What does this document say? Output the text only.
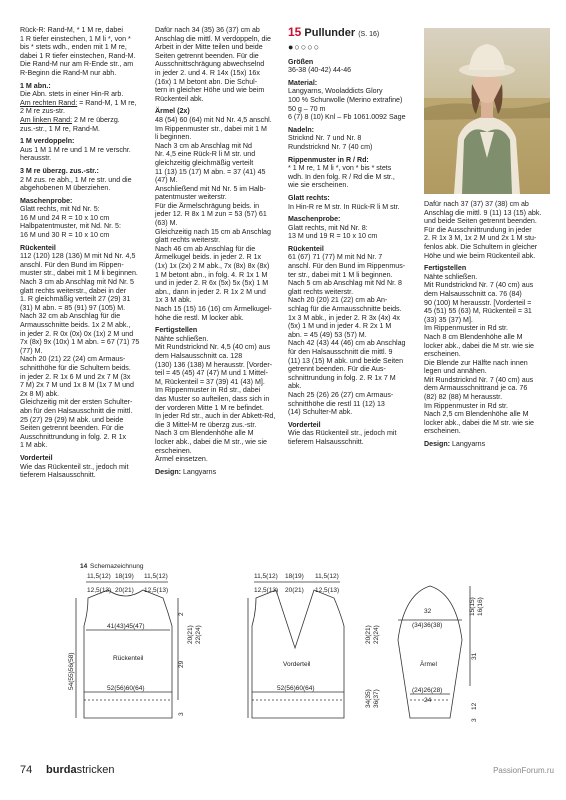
Rück-R: Rand-M, * 1 M re, dabei
1 R tiefer einstechen, 1 M li *, von *
bis * stets wdh., enden mit 1 M re,
dabei 1 R tiefer einstechen, Rand-M.
Die Rand-M nur am R-Ende str., am
R-Beginn die Rand-M nur abh.

1 M abn.:
Die Abn. stets in einer Hin-R arb.
Am rechten Rand: = Rand-M, 1 M re,
2 M re zus-str.
Am linken Rand: 2 M re überzg.
zus.-str., 1 M re, Rand-M.

1 M verdoppeln:
Aus 1 M 1 M re und 1 M re verschr.
herausstr.

3 M re überzg. zus.-str.:
2 M zus. re abh., 1 M re str. und die
abgehobenen M überziehen.

Maschenprobe:
Glatt rechts, mit Nd Nr. 5:
16 M und 24 R = 10 x 10 cm
Halbpatentmuster, mit Nd. Nr. 5:
16 M und 30 R = 10 x 10 cm

Rückenteil
112 (120) 128 (136) M mit Nd Nr. 4,5
anschl. Für den Bund im Rippen-
muster str., dabei mit 1 M li beginnen.
Nach 3 cm ab Anschlag mit Nd Nr. 5
glatt rechts weiterstr., dabei in der
1. R gleichmäßig verteilt 27 (29) 31
(31) M abn. = 85 (91) 97 (105) M.
Nach 32 cm ab Anschlag für die
Armausschnitte beids. 1x 2 M abk.,
in jeder 2. R 0x (0x) 0x (1x) 2 M und
7x (8x) 9x (10x) 1 M abn. = 67 (71) 75
(77) M.
Nach 20 (21) 22 (24) cm Armaus-
schnitthöhe für die Schultern beids.
in jeder 2. R 1x 6 M und 2x 7 M (3x
7 M) 2x 7 M und 1x 8 M (1x 7 M und
2x 8 M) abk.
Gleichzeitig mit der ersten Schulter-
abn für den Halsausschnitt die mittl.
25 (27) 29 (29) M abk. und beide
Seiten getrennt beenden. Für die
Ausschnittrundung in folg. 2. R 1x
1 M abk.

Vorderteil
Wie das Rückenteil str., jedoch mit
tieferem Halsausschnitt.

Dafür nach 34 (35) 36 (37) cm ab
Anschlag die mittl. M verdoppeln, die
Arbeit in der Mitte teilen und beide
Seiten getrennt beenden. Für die
Ausschnittschrägung abwechselnd
in jeder 2. und 4. R 14x (15x) 16x
(16x) 1 M betont abn. Die Schul-
tern in gleicher Höhe und wie beim
Rückenteil abk.

Ärmel (2x)
48 (54) 60 (64) mit Nd Nr. 4,5 anschl.
Im Rippenmuster str., dabei mit 1 M
li beginnen.
Nach 3 cm ab Anschlag mit Nd
Nr. 4,5 eine Rück-R li M str. und
gleichzeitig gleichmäßig verteilt
11 (13) 15 (17) M abn. = 37 (41) 45
(47) M.
Anschließend mit Nd Nr. 5 im Halb-
patentmuster weiterstr.
Für die Ärmelschrägung beids. in
jeder 12. R 8x 1 M zun = 53 (57) 61
(63) M.
Gleichzeitig nach 15 cm ab Anschlag
glatt rechts weiterstr.
Nach 46 cm ab Anschlag für die
Ärmelkugel beids. in jeder 2. R 1x
(1x) 1x (2x) 2 M abk., 7x (8x) 8x (8x)
1 M betont abn., in folg. 4. R 1x 1 M
und in jeder 2. R 6x (5x) 5x (5x) 1 M
abn., dann in jeder 2. R 1x 2 M und
1x 3 M abk.
Nach 15 (15) 16 (16) cm Ärmelkugel-
höhe die restl. M locker abk.

Fertigstellen
Nähte schließen.
Mit Rundstricknd Nr. 4,5 (40 cm) aus
dem Halsausschnitt ca. 128
(130) 136 (138) M herausstr. [Vorder-
teil = 45 (45) 47 (47) M und 1 Mittel-
M, Rückenteil = 37 (39) 41 (43) M].
Im Rippenmuster in Rd str., dabei
das Muster so aufteilen, dass sich in
der vorderen Mitte 1 M re befindet.
In jeder Rd str., auch in der Abkett-Rd,
die 3 Mittel-M re überzg zus.-str.
Nach 3 cm Blendenhöhe alle M
locker abk., dabei die M str., wie sie
erscheinen.
Ärmel einsetzen.

Design: Langyarns

15 Pullunder (S. 16)
●○○○○

Größen
36-38 (40-42) 44-46

Material:
Langyarns, Wooladdicts Glory
100 % Schurwolle (Merino extrafine)
50 g – 70 m
6 (7) 8 (10) Knl – Fb 1061.0092 Sage

Nadeln:
Stricknd Nr. 7 und Nr. 8
Rundstricknd Nr. 7 (40 cm)

Rippenmuster in R / Rd:
* 1 M re, 1 M li *, von * bis * stets
wdh. In den folg. R / Rd die M str.,
wie sie erscheinen.

Glatt rechts:
In Hin-R re M str. In Rück-R li M str.

Maschenprobe:
Glatt rechts, mit Nd Nr. 8:
13 M und 19 R = 10 x 10 cm

Rückenteil
61 (67) 71 (77) M mit Nd Nr. 7
anschl. Für den Bund im Rippenmus-
ter str., dabei mit 1 M li beginnen.
Nach 5 cm ab Anschlag mit Nd Nr. 8
glatt rechts weiterstr.
Nach 20 (20) 21 (22) cm ab An-
schlag für die Armausschnitte beids.
1x 3 M abk., in jeder 2. R 3x (4x) 4x
(5x) 1 M und in jeder 4. R 2x 1 M
abn. = 45 (49) 53 (57) M.
Nach 42 (43) 44 (46) cm ab Anschlag
für den Halsausschnitt die mittl. 9
(11) 13 (15) M abk. und beide Seiten
getrennt beenden. Für die Aus-
schnittrundung in folg. 2. R 1x 7 M
abk.
Nach 25 (26) 26 (27) cm Armaus-
schnitthöhe die restl 11 (12) 13
(14) Schulter-M abk.

Vorderteil
Wie das Rückenteil str., jedoch mit
tieferem Halsausschnitt.

Dafür nach 37 (37) 37 (38) cm ab
Anschlag die mittl. 9 (11) 13 (15) abk.
und beide Seiten getrennt beenden.
Für die Ausschnittrundung in jeder
2. R 1x 3 M, 1x 2 M und 2x 1 M stu-
fenlos abk. Die Schultern in gleicher
Höhe und wie beim Rückenteil abk.

Fertigstellen
Nähte schließen.
Mit Rundstricknd Nr. 7 (40 cm) aus
dem Halsausschnitt ca. 76 (84)
90 (100) M herausstr. [Vorderteil =
45 (51) 55 (63) M, Rückenteil = 31
(33) 35 (37) M].
Im Rippenmuster in Rd str.
Nach 8 cm Blendenhöhe alle M
locker abk., dabei die M str. wie sie
erscheinen.
Die Blende zur Hälfte nach innen
legen und annähen.
Mit Rundstricknd Nr. 7 (40 cm) aus
dem Armausschnittrand je ca. 76
(82) 82 (88) M herausstr.
Im Rippenmuster in Rd str.
Nach 2,5 cm Blendenhöhe alle M
locker abk., dabei die M str. wie sie
erscheinen.

Design: Langyarns

14 Schemazeichnung
11,5(12)
12,5(13)
18(19)
20(21)
11,5(12)
12,5(13)
41(43)45(47)
Rückenteil
52(56)60(64)
54(55)56(58)
2
29
3
20(21) 22(24)
11,5(12)
12,5(13)
18(19)
20(21)
11,5(12)
12,5(13)
Vorderteil
52(56)60(64)
20(21) 22(24)
34(35) 36(37)
32
(34)36(38)
Ärmel
(24)26(28)
24
15(15) 16(16)
31
12
3
74 burdastricken	PassionForum.ru
